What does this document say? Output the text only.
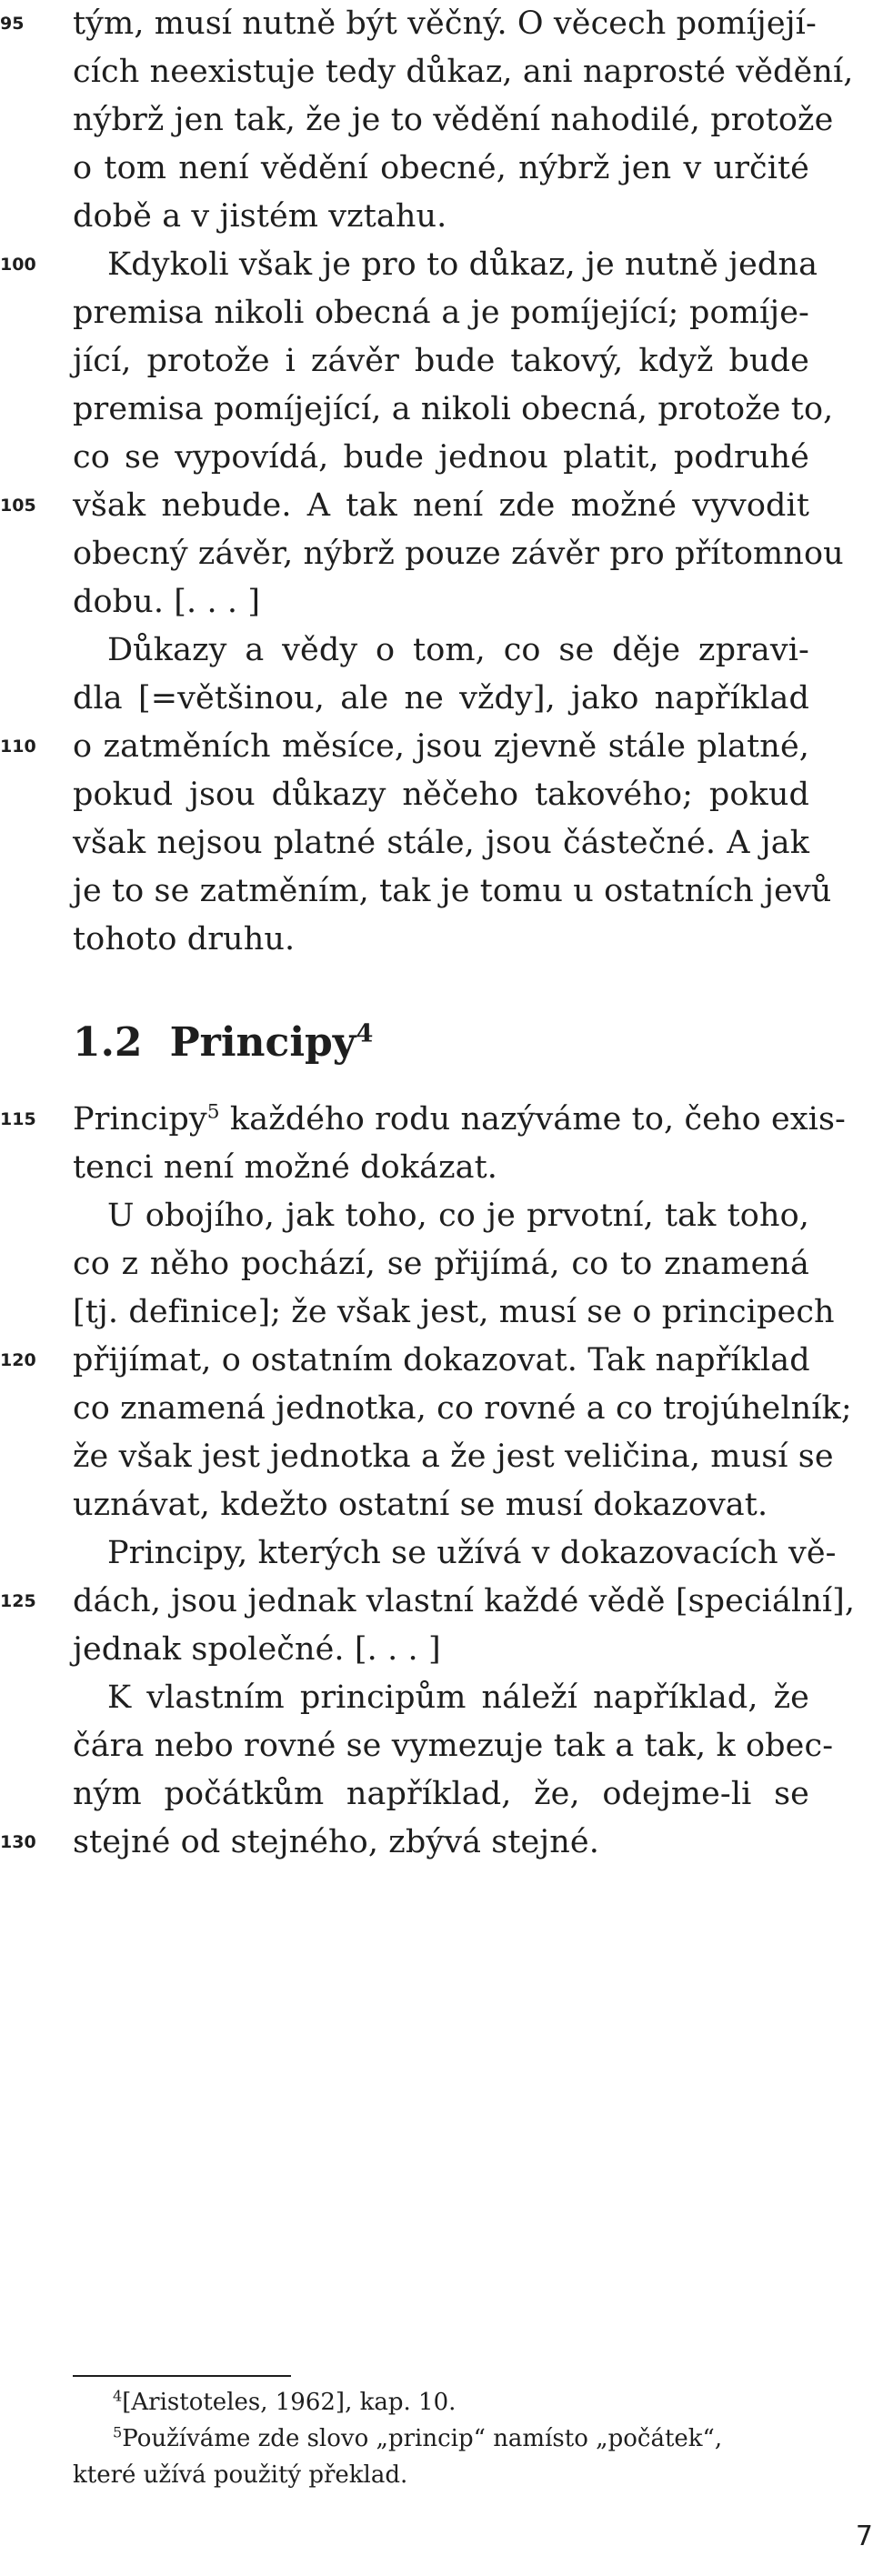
95
100
105
110
115
120
125
130
tým, musí nutně být věčný. O věcech pomíjejí-
cích neexistuje tedy důkaz, ani naprosté vědění,
nýbrž jen tak, že je to vědění nahodilé, protože
o tom není vědění obecné, nýbrž jen v určité
době a v jistém vztahu.
Kdykoli však je pro to důkaz, je nutně jedna
premisa nikoli obecná a je pomíjející; pomíje-
jící, protože i závěr bude takový, když bude
premisa pomíjející, a nikoli obecná, protože to,
co se vypovídá, bude jednou platit, podruhé
však nebude. A tak není zde možné vyvodit
obecný závěr, nýbrž pouze závěr pro přítomnou
dobu. [. . . ]
Důkazy a vědy o tom, co se děje zpravi-
dla [=většinou, ale ne vždy], jako například
o zatměních měsíce, jsou zjevně stále platné,
pokud jsou důkazy něčeho takového; pokud
však nejsou platné stále, jsou částečné. A jak
je to se zatměním, tak je tomu u ostatních jevů
tohoto druhu.
1.2 Principy$^4$
Principy$^5$ každého rodu nazýváme to, čeho exis-
tenci není možné dokázat.
U obojího, jak toho, co je prvotní, tak toho,
co z něho pochází, se přijímá, co to znamená
[tj. definice]; že však jest, musí se o principech
přijímat, o ostatním dokazovat. Tak například
co znamená jednotka, co rovné a co trojúhelník;
že však jest jednotka a že jest veličina, musí se
uznávat, kdežto ostatní se musí dokazovat.
Principy, kterých se užívá v dokazovacích vě-
dách, jsou jednak vlastní každé vědě [speciální],
jednak společné. [. . . ]
K vlastním principům náleží například, že
čára nebo rovné se vymezuje tak a tak, k obec-
ným počátkům například, že, odejme-li se
stejné od stejného, zbývá stejné.
$^4$[Aristoteles, 1962], kap. 10.
$^5$Používáme zde slovo „princip“ namísto „počátek“,
které užívá použitý překlad.
7
